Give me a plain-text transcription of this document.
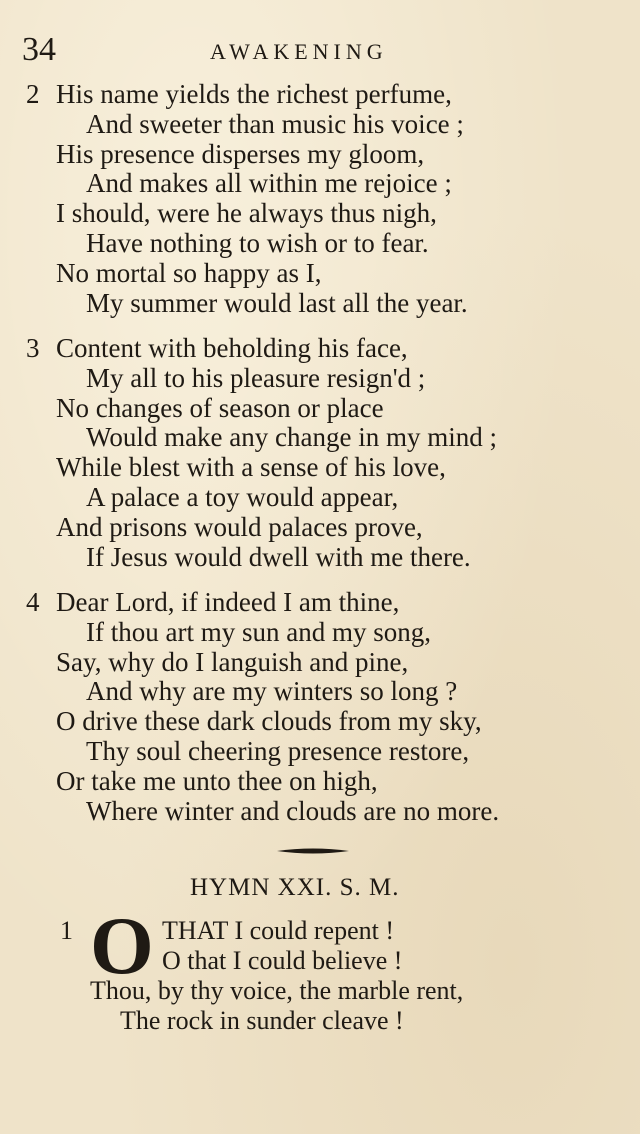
34	AWAKENING
2 His name yields the richest perfume,
And sweeter than music his voice ;
His presence disperses my gloom,
And makes all within me rejoice ;
I should, were he always thus nigh,
Have nothing to wish or to fear.
No mortal so happy as I,
My summer would last all the year.
3 Content with beholding his face,
My all to his pleasure resign'd ;
No changes of season or place
Would make any change in my mind ;
While blest with a sense of his love,
A palace a toy would appear,
And prisons would palaces prove,
If Jesus would dwell with me there.
4 Dear Lord, if indeed I am thine,
If thou art my sun and my song,
Say, why do I languish and pine,
And why are my winters so long ?
O drive these dark clouds from my sky,
Thy soul cheering presence restore,
Or take me unto thee on high,
Where winter and clouds are no more.
HYMN XXI. S. M.
O
1	THAT I could repent !
O that I could believe !
Thou, by thy voice, the marble rent,
The rock in sunder cleave !
